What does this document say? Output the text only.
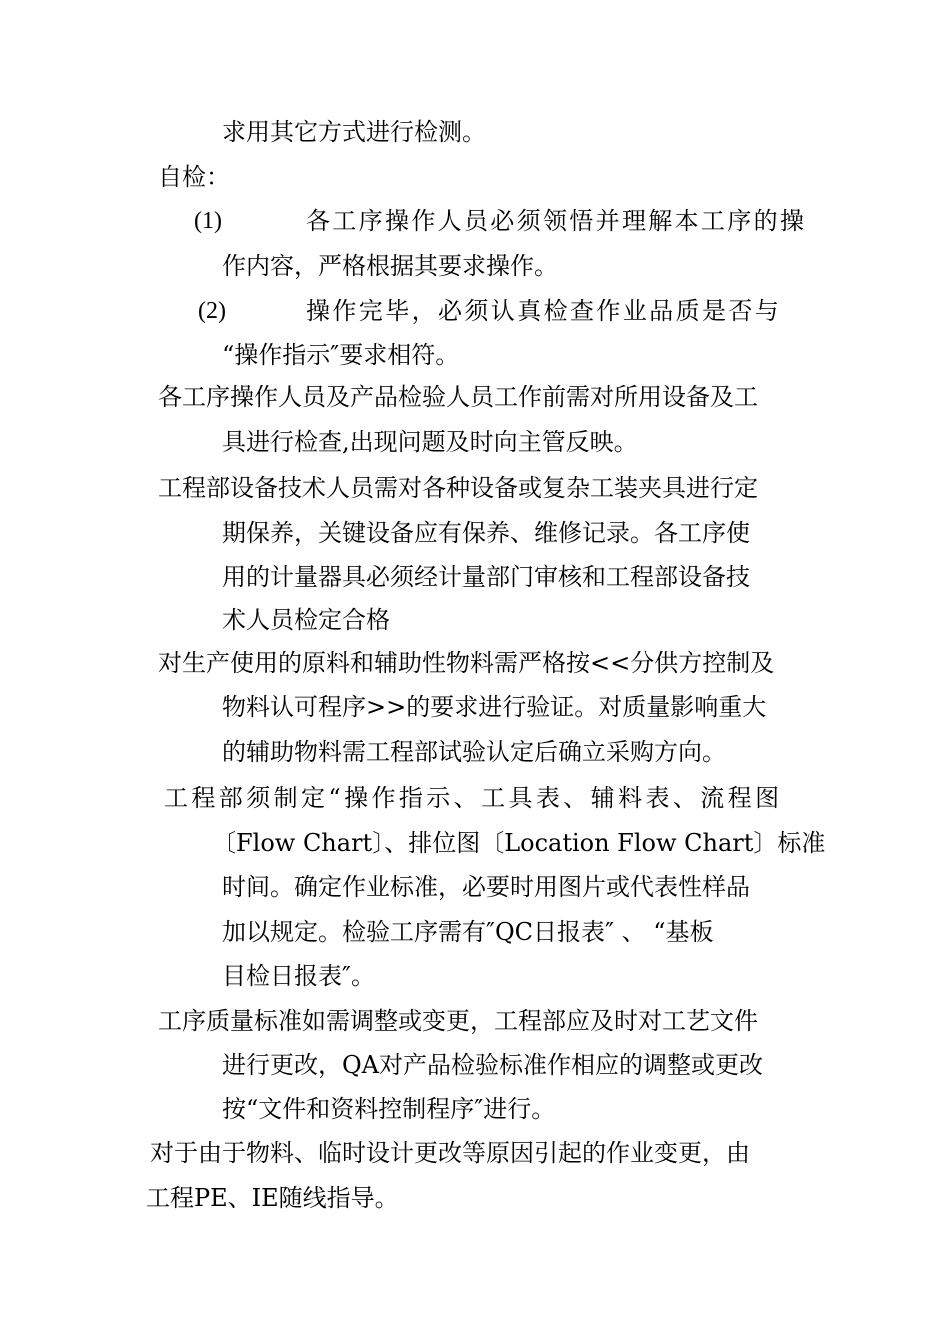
求用其它方式进行检测。
自检：
(1)	各 工 序 操 作 人 员 必 须 领 悟 并 理 解 本 工 序 的 操
作内容，严格根据其要求操作。
(2)	操作完毕，必须认真检查作业品质是否与
“操作指示″要求相符。
各工序操作人员及产品检验人员工作前需对所用设备及工
具进行检查,出现问题及时向主管反映。
工程部设备技术人员需对各种设备或复杂工装夹具进行定
期保养，关键设备应有保养、维修记录。各工序使
用的计量器具必须经计量部门审核和工程部设备技
术人员检定合格
对生产使用的原料和辅助性物料需严格按<<分供方控制及
物料认可程序>>的要求进行验证。对质量影响重大
的辅助物料需工程部试验认定后确立采购方向。
工程部须制定“操作指示、工具表、辅料表、流程图
〔Flow Chart〕、排位图〔Location Flow Chart〕标准
时间。确定作业标准，必要时用图片或代表性样品
加以规定。检验工序需有″QC日报表″ 、 “基板
目检日报表″。
工序质量标准如需调整或变更，工程部应及时对工艺文件
进行更改，QA对产品检验标准作相应的调整或更改
按“文件和资料控制程序″进行。
对于由于物料、临时设计更改等原因引起的作业变更，由
工程PE、IE随线指导。
